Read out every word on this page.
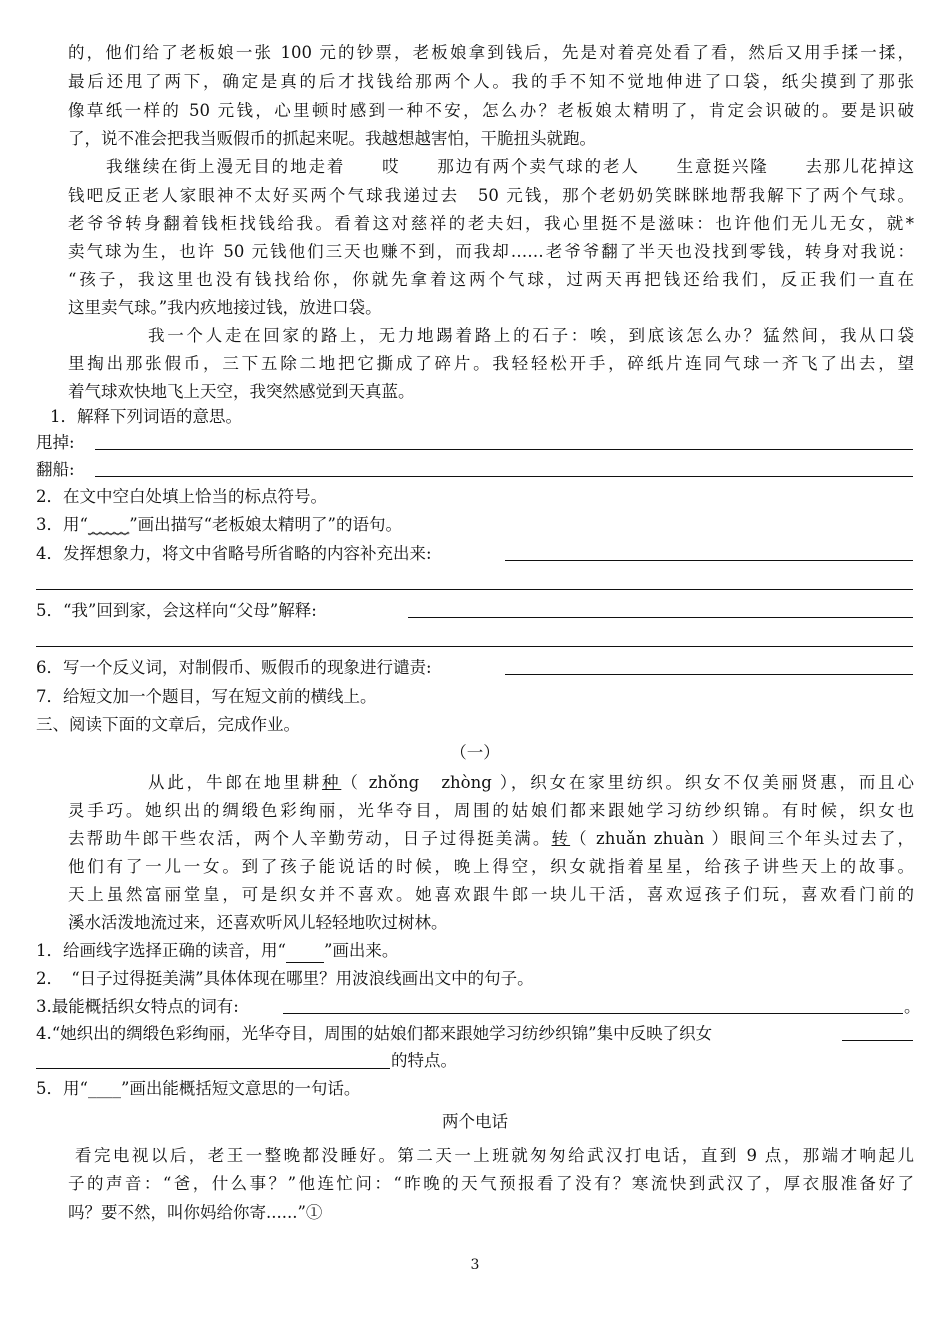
的，他们给了老板娘一张 100 元的钞票，老板娘拿到钱后，先是对着亮处看了看，然后又用手揉一揉，
最后还甩了两下，确定是真的后才找钱给那两个人。我的手不知不觉地伸进了口袋，纸尖摸到了那张
像草纸一样的 50 元钱，心里顿时感到一种不安，怎么办？老板娘太精明了，肯定会识破的。要是识破
了，说不准会把我当贩假币的抓起来呢。我越想越害怕，干脆扭头就跑。
我继续在街上漫无目的地走着　　哎　　那边有两个卖气球的老人　　生意挺兴隆　　去那儿花掉这
钱吧反正老人家眼神不太好买两个气球我递过去　50 元钱，那个老奶奶笑眯眯地帮我解下了两个气球。
老爷爷转身翻着钱柜找钱给我。看着这对慈祥的老夫妇，我心里挺不是滋味：也许他们无儿无女，就*
卖气球为生，也许 50 元钱他们三天也赚不到，而我却……老爷爷翻了半天也没找到零钱，转身对我说：
“孩子，我这里也没有钱找给你，你就先拿着这两个气球，过两天再把钱还给我们，反正我们一直在
这里卖气球。”我内疚地接过钱，放进口袋。
我一个人走在回家的路上，无力地踢着路上的石子：唉，到底该怎么办？猛然间，我从口袋
里掏出那张假币，三下五除二地把它撕成了碎片。我轻轻松开手，碎纸片连同气球一齐飞了出去，望
着气球欢快地飞上天空，我突然感觉到天真蓝。
1．解释下列词语的意思。
甩掉:
翻船:
2．在文中空白处填上恰当的标点符号。
3．用“_____”画出描写“老板娘太精明了”的语句。
4．发挥想象力，将文中省略号所省略的内容补充出来:
5．“我”回到家，会这样向“父母”解释:
6．写一个反义词，对制假币、贩假币的现象进行谴责:
7．给短文加一个题目，写在短文前的横线上。
三、阅读下面的文章后，完成作业。
（一）
从此，牛郎在地里耕种（ zhǒng　zhòng ），织女在家里纺织。织女不仅美丽贤惠，而且心
灵手巧。她织出的绸缎色彩绚丽，光华夺目，周围的姑娘们都来跟她学习纺纱织锦。有时候，织女也
去帮助牛郎干些农活，两个人辛勤劳动，日子过得挺美满。转（ zhuǎn zhuàn ）眼间三个年头过去了，
他们有了一儿一女。到了孩子能说话的时候，晚上得空，织女就指着星星，给孩子讲些天上的故事。
天上虽然富丽堂皇，可是织女并不喜欢。她喜欢跟牛郎一块儿干活，喜欢逗孩子们玩，喜欢看门前的
溪水活泼地流过来，还喜欢听风儿轻轻地吹过树林。
1．给画线字选择正确的读音，用“ ”画出来。
2．　“日子过得挺美满”具体体现在哪里？用波浪线画出文中的句子。
3.最能概括织女特点的词有:	。
4.“她织出的绸缎色彩绚丽，光华夺目，周围的姑娘们都来跟她学习纺纱织锦”集中反映了织女
的特点。
5．用“____”画出能概括短文意思的一句话。
两个电话
看完电视以后，老王一整晚都没睡好。第二天一上班就匆匆给武汉打电话，直到 9 点，那端才响起儿
子的声音：“爸，什么事？”他连忙问：“昨晚的天气预报看了没有？寒流快到武汉了，厚衣服准备好了
吗？要不然，叫你妈给你寄......”①
3
